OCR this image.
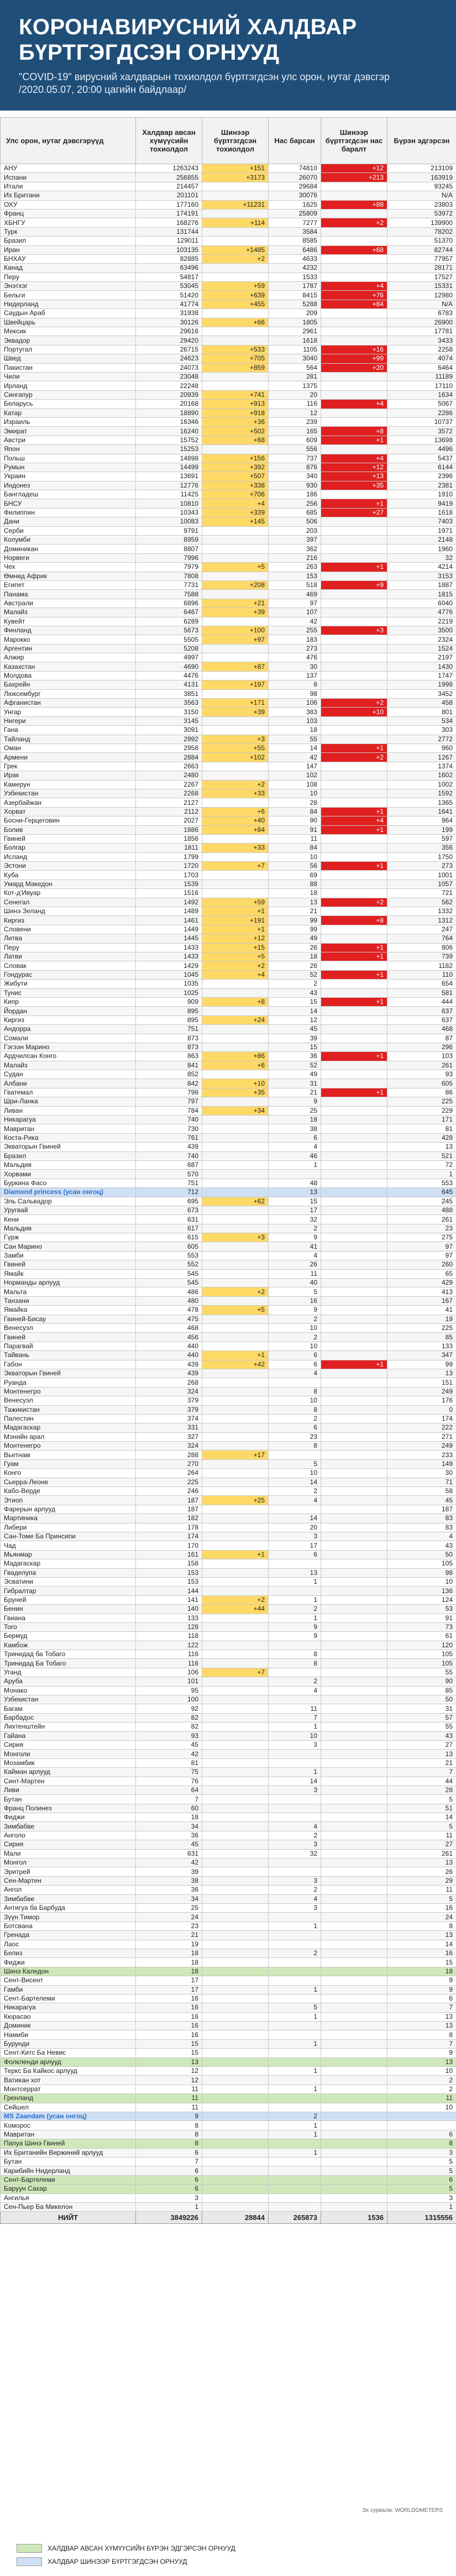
КОРОНАВИРУСНИЙ ХАЛДВАР БҮРТГЭГДСЭН ОРНУУД
"COVID-19" вирусний халдварын тохиолдол бүртгэгдсэн улс орон, нутаг дэвсгэр /2020.05.07, 20:00 цагийн байдлаар/
Улс орон, нутаг дэвсгэрүүд	Халдвар авсан хүмүүсийн тохиолдол	Шинээр бүртгэгдсэн тохиолдол	Нас барсан	Шинээр бүртгэгдсэн нас баралт	Бүрэн эдгэрсэн
АНУ	1263243	+151	74810	+12	213109
Испани	256855	+3173	26070	+213	163919
Итали	214457		29684		93245
Их Британи	201101		30076		N/A
ОХУ	177160	+11231	1625	+88	23803
Франц	174191		25809		53972
ХБНГУ	168276	+114	7277	+2	139900
Турк	131744		3584		78202
Бразил	129011		8585		51370
Иран	103135	+1485	6486	+68	82744
БНХАУ	82885	+2	4633		77957
Канад	63496		4232		28171
Перу	54817		1533		17527
Энэтхэг	53045	+59	1787	+4	15331
Бельги	51420	+639	8415	+76	12980
Нидерланд	41774	+455	5288	+84	N/A
Саудын Араб	31938		209		6783
Швейцарь	30126	+66	1805		26900
Мексик	29616		2961		17781
Эквадор	29420		1618		3433
Португал	26715	+533	1105	+16	2258
Швед	24623	+705	3040	+99	4074
Пакистан	24073	+859	564	+20	6464
Чили	23048		281		11189
Ирланд	22248		1375		17110
Сингапур	20939	+741	20		1634
Беларусь	20168	+913	116	+4	5067
Катар	18890	+918	12		2286
Израиль	16346	+36	239		10737
Эмират	16240	+502	165	+8	3572
Австри	15752	+68	609	+1	13698
Япон	15253		556		4496
Польш	14898	+156	737	+4	5437
Румын	14499	+392	876	+12	6144
Украин	13691	+507	340	+13	2396
Индонез	12776	+338	930	+35	2381
Бангладеш	11425	+706	186		1910
БНСУ	10810	+4	256	+1	9419
Филиппин	10343	+339	685	+27	1618
Дани	10083	+145	506		7403
Серби	9791		203		1971
Колумби	8959		397		2148
Доминикан	8807		362		1960
Норвеги	7996		216		32
Чех	7979	+5	263	+1	4214
Өмнөд Африк	7808		153		3153
Египет	7731	+208	518	+9	1887
Панама	7588		469		1815
Австрали	6896	+21	97		6040
Малайз	6467	+39	107		4776
Кувейт	6289		42		2219
Финланд	5673	+100	255	+3	3500
Марокко	5505	+97	183		2324
Аргентин	5208		273		1524
Алжир	4997		476		2197
Казахстан	4690	+87	30		1430
Молдова	4476		137		1747
Бахрейн	4131	+197	8		1998
Люксембург	3851		98		3452
Афганистан	3563	+171	106	+2	458
Унгар	3150	+39	383	+10	801
Нигери	3145		103		534
Гана	3091		18		303
Тайланд	2992	+3	55		2772
Оман	2958	+55	14	+1	960
Армени	2884	+102	42	+2	1267
Грек	2663		147		1374
Ирак	2480		102		1602
Камерун	2267	+2	108		1002
Узбекистан	2268	+33	10		1592
Азербайжан	2127		28		1365
Хорват	2112	+6	84	+1	1641
Босни-Герцеговин	2027	+40	90	+4	964
Болив	1886	+84	91	+1	199
Гвиней	1856		11		597
Болгар	1811	+33	84		356
Исланд	1799		10		1750
Эстони	1720	+7	56	+1	273
Куба	1703		69		1001
Умард Македон	1539		88		1057
Кот-д'Ивуар	1516		18		721
Сенегал	1492	+59	13	+2	562
Шинэ Зеланд	1489	+1	21		1332
Киргиз	1461	+191	99	+8	1312
Словени	1449	+1	99		247
Литва	1445	+12	49		764
Перу	1433	+15	26	+1	806
Латви	1433	+5	18	+1	739
Словак	1429	+2	26		1182
Гондурас	1045	+4	52	+1	110
Жибути	1035		2		654
Тунис	1025		43		581
Кипр	909	+8	15	+1	444
Йордан	895		14		637
Киргиз	895	+24	12		637
Андорра	751		45		468
Сомали	873		39		87
Гэгээн Марино	873		15		296
Ардчилсан Конго	863	+86	36	+1	103
Малайз	841	+6	52		261
Судан	852		49		93
Албани	842	+10	31		605
Гватемал	798	+35	21	+1	86
Шри-Ланка	797		9		225
Ливан	784	+34	25		229
Никарагуа	740		18		171
Мавритан	730		38		81
Коста-Рика	761		6		428
Экваторын Гвиней	439		4		13
Бразил	740		46		521
Мальдив	687		1		72
Хорвами	570				1
Буркина Фасо	751		48		553
Diamond princess (усан онгоц)	712		13		645
Эль Сальвадор	695	+62	15		245
Уругвай	673		17		488
Кени	631		32		261
Мальдив	617		2		23
Гүрж	615	+3	9		275
Сан Марино	605		41		97
Замби	553		4		97
Гвиней	552		26		260
Ямайк	545		11		65
Норманды арлууд	545		40		429
Мальта	486	+2	5		413
Танзани	480		16		167
Ямайка	478	+5	9		41
Гвиней-Бисау	475		2		19
Венесуэл	468		10		225
Гвиней	456		2		85
Парагвай	440		10		133
Тайвань	440	+1	6		347
Габон	439	+42	6	+1	99
Экваторын Гвиней	439		4		13
Руанда	268				151
Монтенегро	324		8		249
Венесуэл	379		10		176
Тажикистан	379		8		0
Палестин	374		2		174
Мадагаскар	331		6		222
Мэнийн арал	327		23		271
Монтенегро	324		8		249
Вьетнам	288	+17			233
Гуам	270		5		149
Конго	264		10		30
Сьерра-Леоне	225		14		71
Кабо-Верде	246		2		58
Этиоп	187	+25	4		45
Фарерын арлууд	187				187
Мартиника	182		14		83
Либери	178		20		83
Сан-Томе Ба Принсипи	174		3		4
Чад	170		17		43
Мьянмар	161	+1	6		50
Мадагаскар	158				105
Гваделупа	153		13		98
Эсватини	153		1		10
Гибралтар	144				136
Бруней	141	+2	1		124
Бенин	140	+44	2		53
Гвиана	133		1		91
Того	128		9		73
Бермуд	118		9		61
Камбож	122				120
Тринидад ба Тобаго	116		8		105
Тринидад Ба Тобаго	116		8		105
Уганд	106	+7			55
Аруба	101		2		90
Монако	95		4		85
Узбекистан	100				50
Багам	92		11		31
Барбадос	82		7		57
Лихтенштейн	82		1		55
Гайана	93		10		43
Сирия	45		3		27
Монголи	42				13
Мозамбик	81				21
Кайман арлууд	75		1		7
Синт-Мартен	76		14		44
Ливи	64		3		28
Бутан	7				5
Франц Полинез	60				51
Фиджи	18				14
Зимбабве	34		4		5
Анголо	36		2		11
Сирия	45		3		27
Мали	631		32		261
Монгол	42				13
Эритрей	39				26
Сен-Мартен	38		3		29
Ангол	36		2		11
Зимбабве	34		4		5
Антигуа ба Барбуда	25		3		16
Зүүн Тимор	24				24
Ботсвана	23		1		8
Гренада	21				13
Лаос	19				14
Белиз	18		2		16
Фиджи	18				15
Шинэ Каледон	18				18
Сент-Висент	17				9
Гамби	17		1		9
Сент-Бартелеми	16				6
Никарагуа	16		5		7
Кюрасао	16		1		13
Доминик	16				13
Намиби	16				8
Бурунди	15		1		7
Сент-Китс Ба Невис	15				9
Фолкленди арлууд	13				13
Теркс Ба Кайкос арлууд	12		1		10
Ватикан хот	12				2
Монтсеррат	11		1		2
Гренланд	11				11
Сейшел	11				10
MS Zaandam (усан онгоц)	9		2		
Коморос	8		1		
Мавритан	8		1		6
Папуа Шинэ Гвиней	8				8
Их Британийн Виржиний арлууд	6		1		3
Бутан	7				5
Карибийн Нидерланд	6				5
Сент-Бартелеми	6				6
Баруун Сахар	6				5
Ангилья	3				3
Сен-Пьер Ба Микелон	1				1
НИЙТ	3849226	28844	265873	1536	1315556
Эх сурвалж: WORLDOMETERS
ХАЛДВАР АВСАН ХҮМҮҮСИЙН БҮРЭН ЭДГЭРСЭН ОРНУУД
ХАЛДВАР ШИНЭЭР БҮРТГЭГДСЭН ОРНУУД
